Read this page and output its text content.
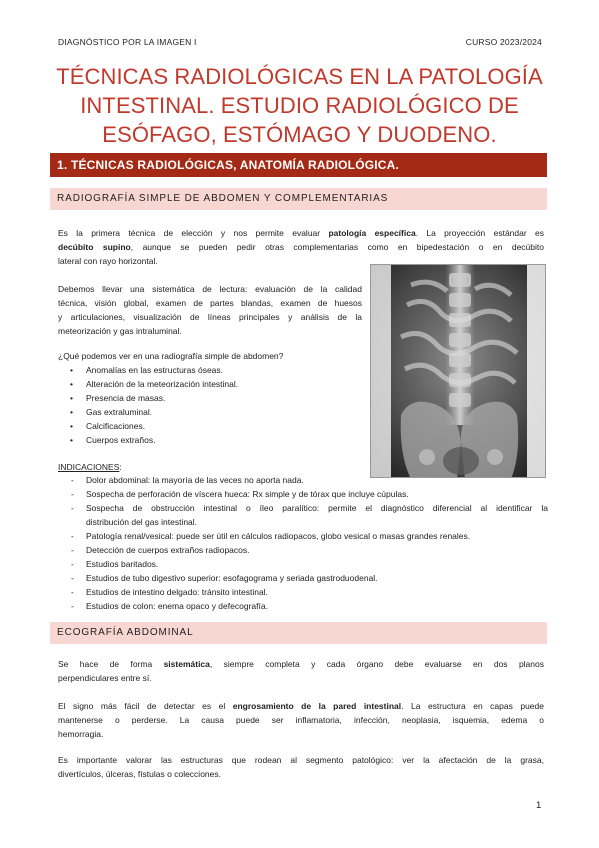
DIAGNÓSTICO POR LA IMAGEN I	CURSO 2023/2024
TÉCNICAS RADIOLÓGICAS EN LA PATOLOGÍA
INTESTINAL. ESTUDIO RADIOLÓGICO DE
ESÓFAGO, ESTÓMAGO Y DUODENO.
1. TÉCNICAS RADIOLÓGICAS, ANATOMÍA RADIOLÓGICA.
RADIOGRAFÍA SIMPLE DE ABDOMEN Y COMPLEMENTARIAS
Es la primera técnica de elección y nos permite evaluar patología específica. La proyección estándar es
decúbito supino, aunque se pueden pedir otras complementarias como en bipedestación o en decúbito
lateral con rayo horizontal.
Debemos llevar una sistemática de lectura: evaluación de la calidad
técnica, visión global, examen de partes blandas, examen de huesos
y articulaciones, visualización de líneas principales y análisis de la
meteorización y gas intraluminal.
¿Qué podemos ver en una radiografía simple de abdomen?
• Anomalías en las estructuras óseas.
• Alteración de la meteorización intestinal.
• Presencia de masas.
• Gas extraluminal.
• Calcificaciones.
• Cuerpos extraños.
INDICACIONES:
- Dolor abdominal: la mayoría de las veces no aporta nada.
- Sospecha de perforación de víscera hueca: Rx simple y de tórax que incluye cúpulas.
- Sospecha de obstrucción intestinal o íleo paralítico: permite el diagnóstico diferencial al identificar la
distribución del gas intestinal.
- Patología renal/vesical: puede ser útil en cálculos radiopacos, globo vesical o masas grandes renales.
- Detección de cuerpos extraños radiopacos.
- Estudios baritados.
- Estudios de tubo digestivo superior: esofagograma y seriada gastroduodenal.
- Estudios de intestino delgado: tránsito intestinal.
- Estudios de colon: enema opaco y defecografía.
ECOGRAFÍA ABDOMINAL
Se hace de forma sistemática, siempre completa y cada órgano debe evaluarse en dos planos
perpendiculares entre sí.
El signo más fácil de detectar es el engrosamiento de la pared intestinal. La estructura en capas puede
mantenerse o perderse. La causa puede ser inflamatoria, infección, neoplasia, isquemia, edema o
hemorragia.
Es importante valorar las estructuras que rodean al segmento patológico: ver la afectación de la grasa,
divertículos, úlceras, fístulas o colecciones.
1
